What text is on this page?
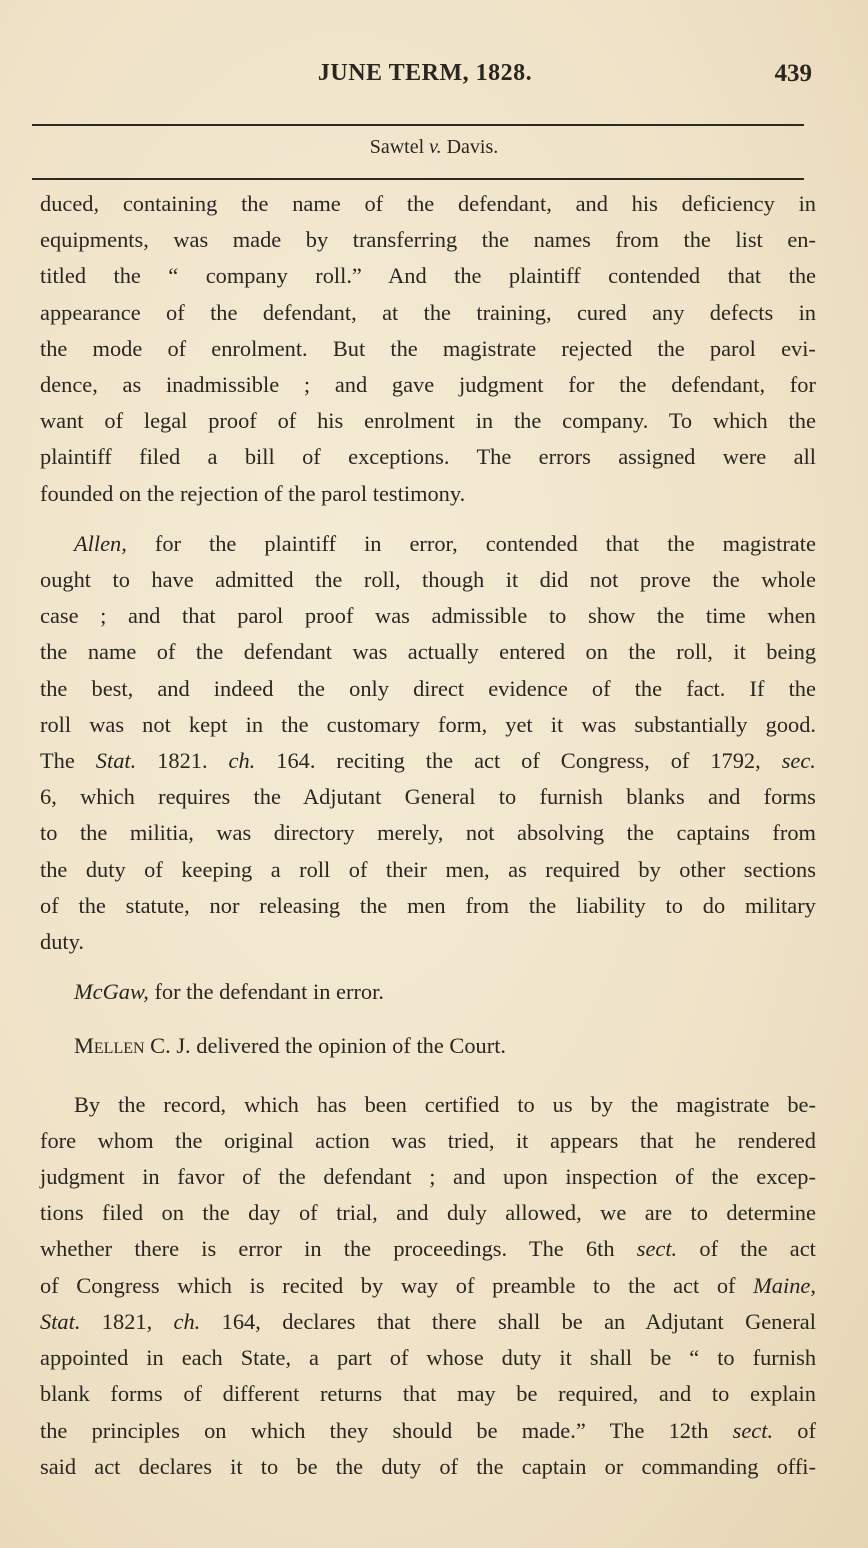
JUNE TERM, 1828.	439
Sawtel v. Davis.
duced, containing the name of the defendant, and his deficiency in
equipments, was made by transferring the names from the list en-
titled the “ company roll.” And the plaintiff contended that the
appearance of the defendant, at the training, cured any defects in
the mode of enrolment. But the magistrate rejected the parol evi-
dence, as inadmissible ; and gave judgment for the defendant, for
want of legal proof of his enrolment in the company. To which the
plaintiff filed a bill of exceptions. The errors assigned were all
founded on the rejection of the parol testimony.
Allen, for the plaintiff in error, contended that the magistrate
ought to have admitted the roll, though it did not prove the whole
case ; and that parol proof was admissible to show the time when
the name of the defendant was actually entered on the roll, it being
the best, and indeed the only direct evidence of the fact. If the
roll was not kept in the customary form, yet it was substantially good.
The Stat. 1821. ch. 164. reciting the act of Congress, of 1792, sec.
6, which requires the Adjutant General to furnish blanks and forms
to the militia, was directory merely, not absolving the captains from
the duty of keeping a roll of their men, as required by other sections
of the statute, nor releasing the men from the liability to do military
duty.
McGaw, for the defendant in error.
Mellen C. J. delivered the opinion of the Court.
By the record, which has been certified to us by the magistrate be-
fore whom the original action was tried, it appears that he rendered
judgment in favor of the defendant ; and upon inspection of the excep-
tions filed on the day of trial, and duly allowed, we are to determine
whether there is error in the proceedings. The 6th sect. of the act
of Congress which is recited by way of preamble to the act of Maine,
Stat. 1821, ch. 164, declares that there shall be an Adjutant General
appointed in each State, a part of whose duty it shall be “ to furnish
blank forms of different returns that may be required, and to explain
the principles on which they should be made.” The 12th sect. of
said act declares it to be the duty of the captain or commanding offi-
